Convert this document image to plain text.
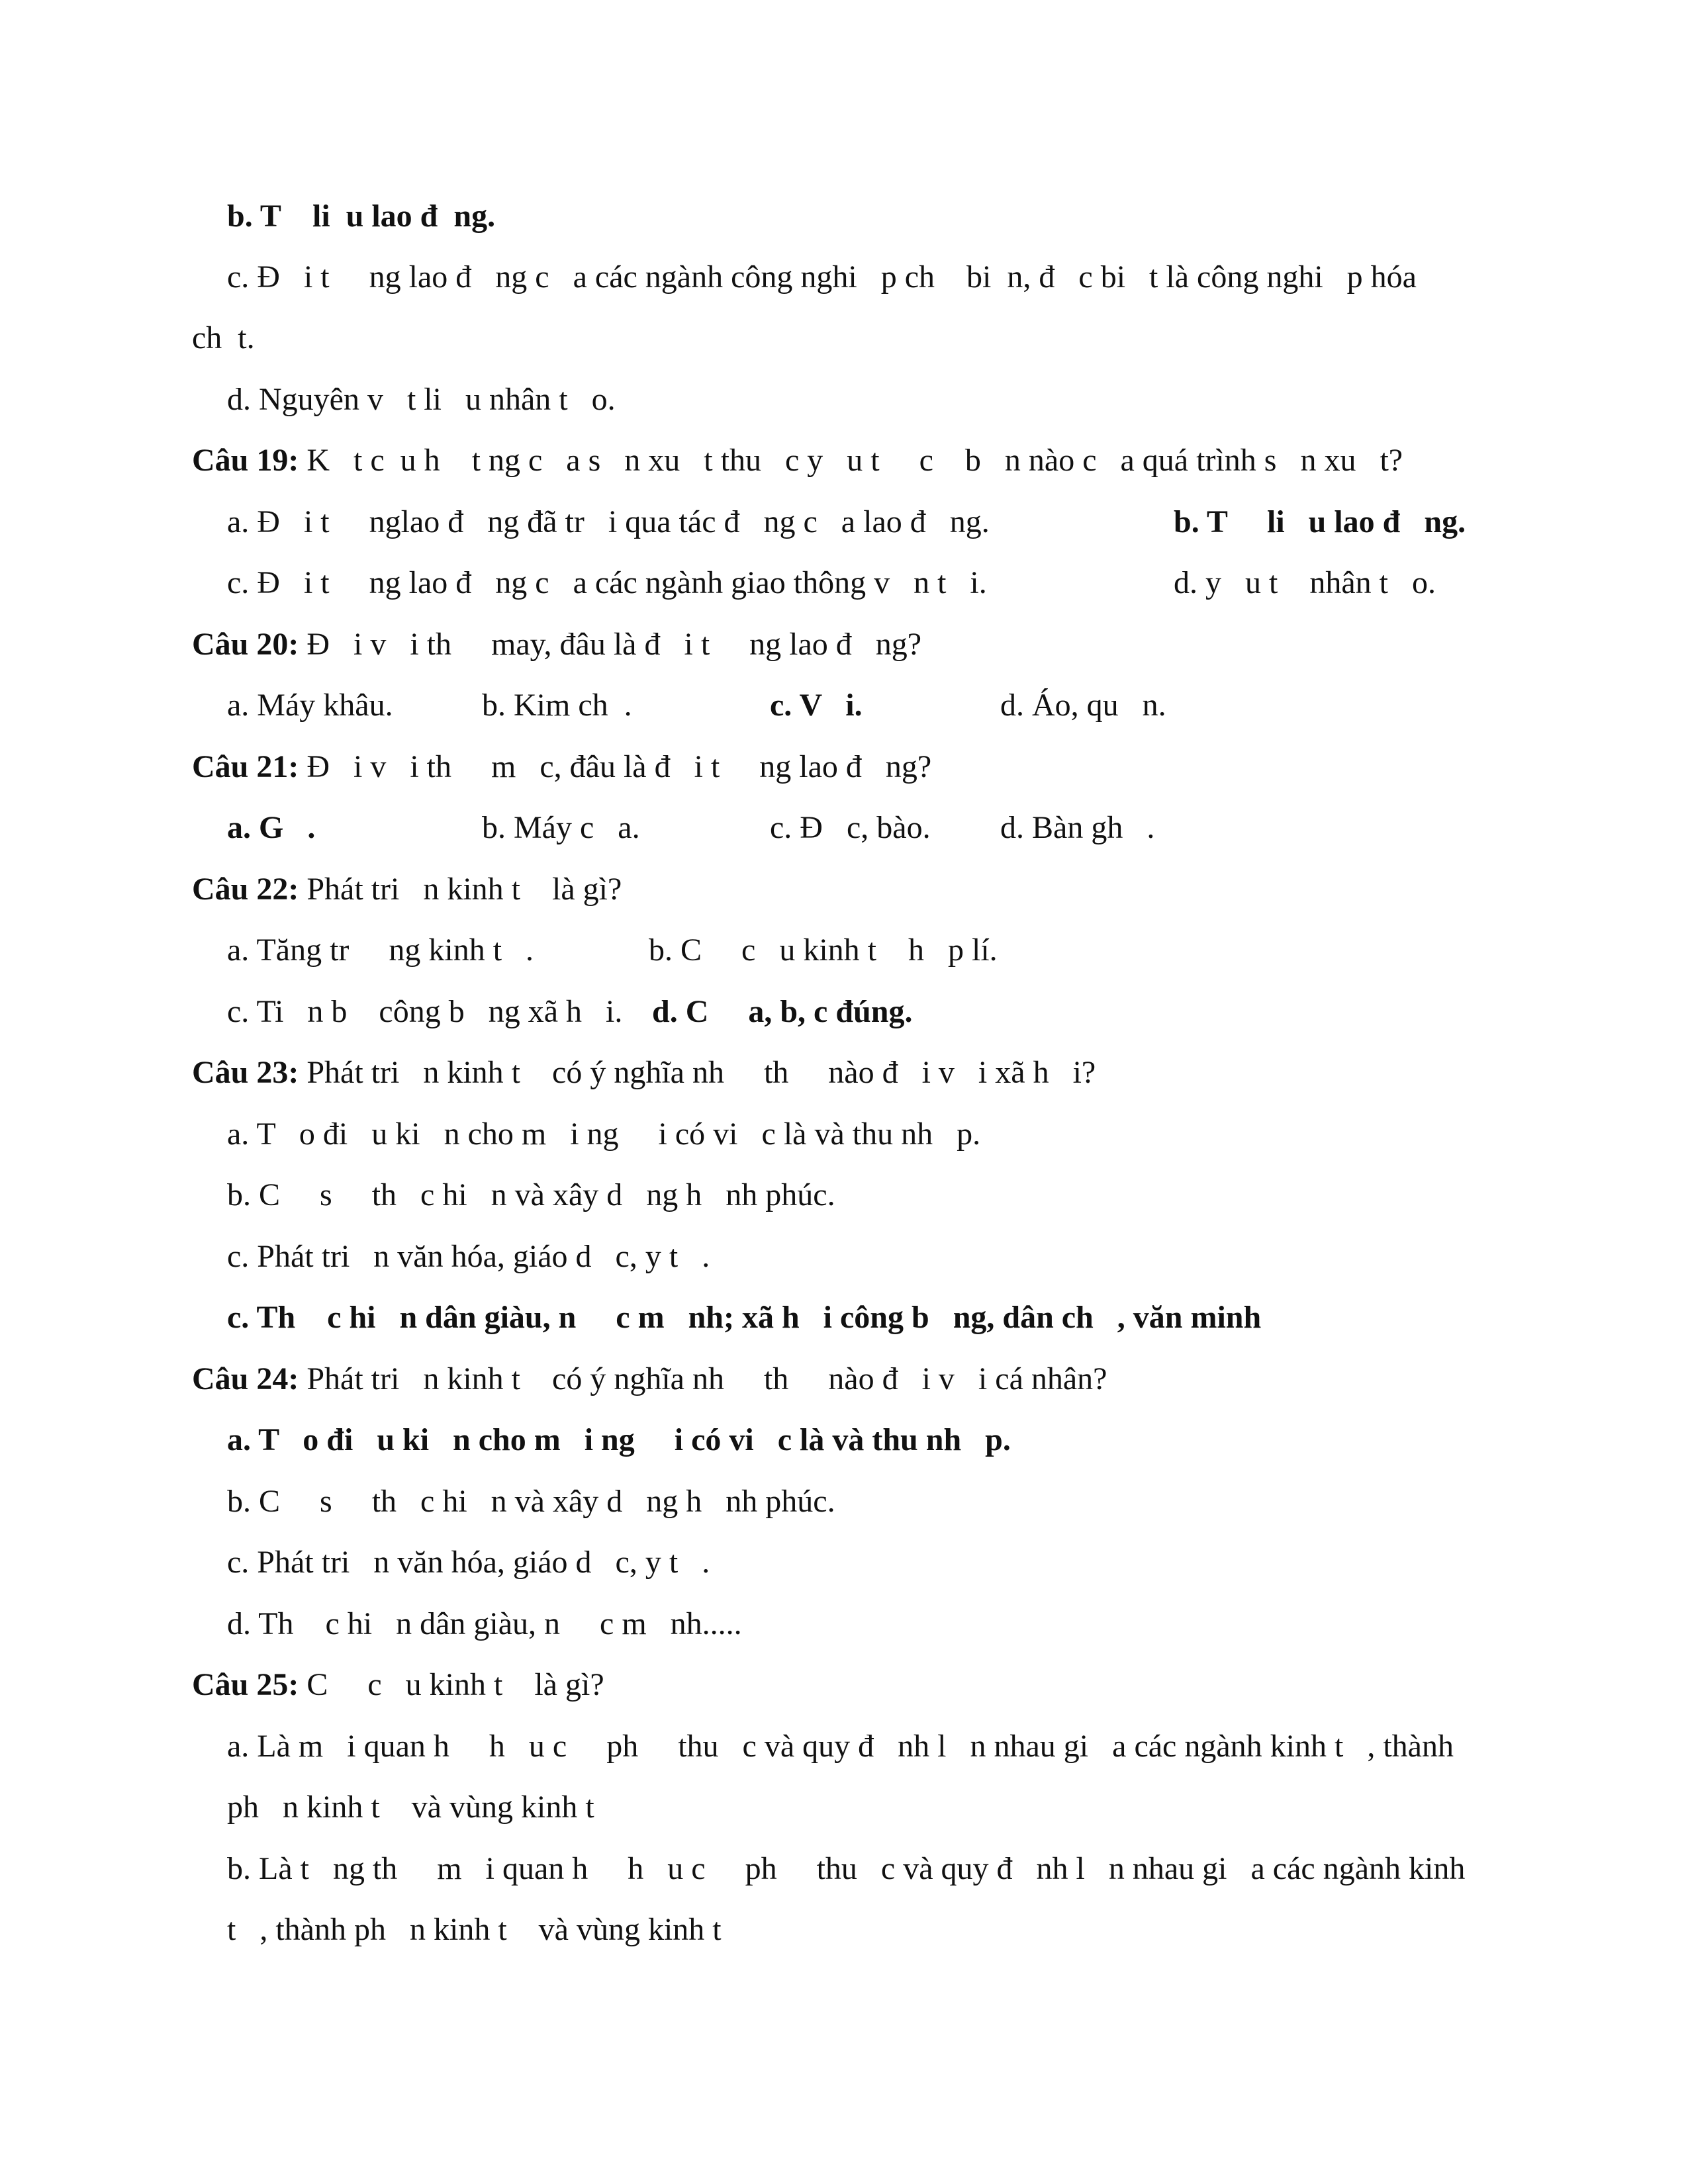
b. T    li  u lao đ  ng.
c. Đ   i t     ng lao đ   ng c   a các ngành công nghi   p ch    bi  n, đ   c bi   t là công nghi   p hóa
ch  t.
d. Nguyên v   t li   u nhân t   o.
Câu 19: K   t c  u h    t ng c   a s   n xu   t thu   c y   u t     c    b   n nào c   a quá trình s   n xu   t?
a. Đ   i t     nglao đ   ng đã tr   i qua tác đ   ng c   a lao đ   ng.	b. T     li   u lao đ   ng.
c. Đ   i t     ng lao đ   ng c   a các ngành giao thông v   n t   i.	d. y   u t    nhân t   o.
Câu 20: Đ   i v   i th     may, đâu là đ   i t     ng lao đ   ng?
a. Máy khâu.	b. Kim ch  .	c. V   i.	d. Áo, qu   n.
Câu 21: Đ   i v   i th     m   c, đâu là đ   i t     ng lao đ   ng?
a. G   .	b. Máy c   a.	c. Đ   c, bào. d. Bàn gh   .
Câu 22: Phát tri   n kinh t    là gì?
a. Tăng tr     ng kinh t   .	b. C     c   u kinh t    h   p lí.
c. Ti   n b    công b   ng xã h   i. d. C     a, b, c đúng.
Câu 23: Phát tri   n kinh t    có ý nghĩa nh     th     nào đ   i v   i xã h   i?
a. T   o đi   u ki   n cho m   i ng     i có vi   c là và thu nh   p.
b. C     s     th   c hi   n và xây d   ng h   nh phúc.
c. Phát tri   n văn hóa, giáo d   c, y t   .
c. Th    c hi   n dân giàu, n     c m   nh; xã h   i công b   ng, dân ch   , văn minh
Câu 24: Phát tri   n kinh t    có ý nghĩa nh     th     nào đ   i v   i cá nhân?
a. T   o đi   u ki   n cho m   i ng     i có vi   c là và thu nh   p.
b. C     s     th   c hi   n và xây d   ng h   nh phúc.
c. Phát tri   n văn hóa, giáo d   c, y t   .
d. Th    c hi   n dân giàu, n     c m   nh.....
Câu 25: C     c   u kinh t    là gì?
a. Là m   i quan h     h   u c     ph     thu   c và quy đ   nh l   n nhau gi   a các ngành kinh t   , thành
ph   n kinh t    và vùng kinh t
b. Là t   ng th     m   i quan h     h   u c     ph     thu   c và quy đ   nh l   n nhau gi   a các ngành kinh
t   , thành ph   n kinh t    và vùng kinh t
